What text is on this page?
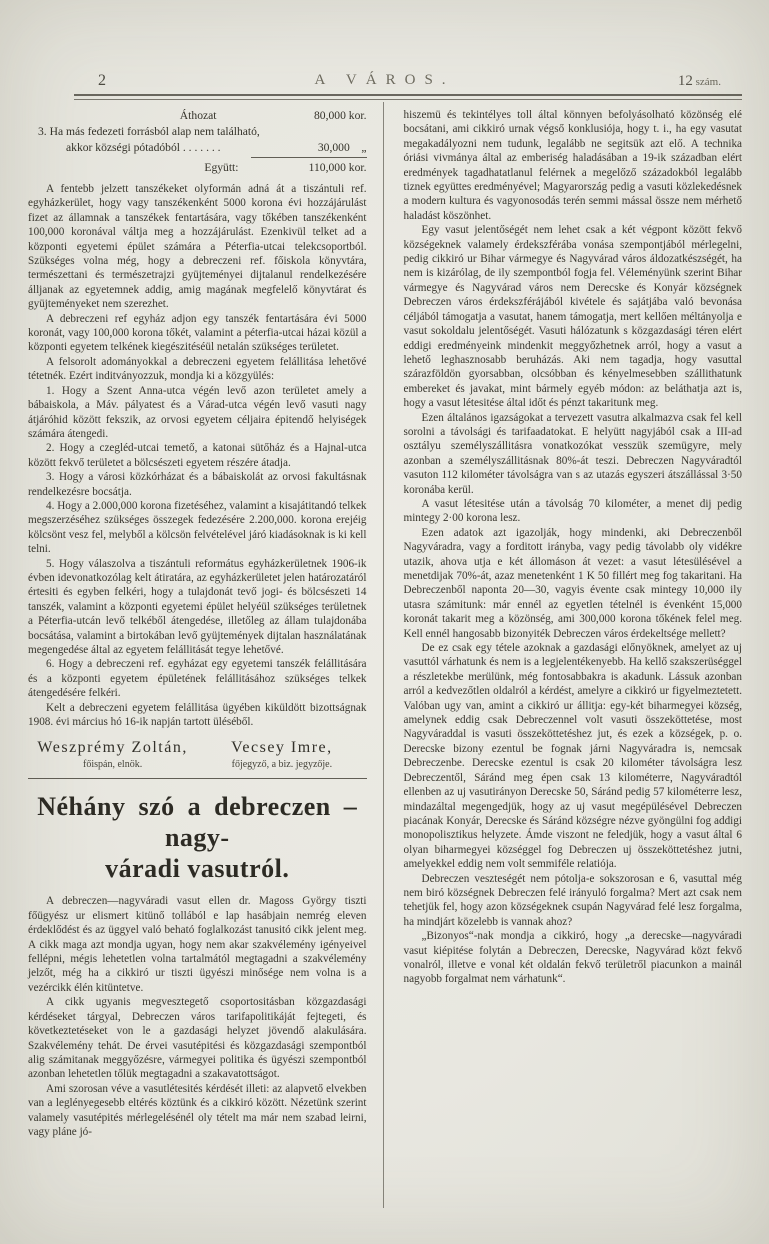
2	A VÁROS.	12 szám.
Áthozat	80,000 kor.
3. Ha más fedezeti forrásból alap nem található,
akkor községi pótadóból . . . . . . .	30,000    „
Együtt:	110,000 kor.

A fentebb jelzett tanszékeket olyformán adná át a tiszántuli ref. egyházkerület, hogy vagy tanszékenként 5000 korona évi hozzájárulást fizet az államnak a tanszékek fentartására, vagy tőkében tanszékenként 100,000 koronával váltja meg a hozzájárulást. Ezenkivül telket ad a központi egyetemi épület számára a Péterfia-utcai telekcsoportból. Szükséges volna még, hogy a debreczeni ref. főiskola könyvtára, természettani és természetrajzi gyüjteményei dijtalanul rendelkezésére álljanak az egyetemnek addig, amig magának megfelelő könyvtárat és gyüjteményeket nem szerezhet.

A debreczeni ref egyház adjon egy tanszék fentartására évi 5000 koronát, vagy 100,000 korona tőkét, valamint a péterfia-utcai házai közül a központi egyetem telkének kiegészitéséül netalán szükséges területet.

A felsorolt adományokkal a debreczeni egyetem felállitása lehetővé tétetnék. Ezért inditványozzuk, mondja ki a közgyülés:

1. Hogy a Szent Anna-utca végén levő azon területet amely a bábaiskola, a Máv. pályatest és a Várad-utca végén levő vasuti nagy átjáróhid között fekszik, az orvosi egyetem céljaira épitendő helyiségek számára átengedi.

2. Hogy a czegléd-utcai temető, a katonai sütőház és a Hajnal-utca között fekvő területet a bölcsészeti egyetem részére átadja.

3. Hogy a városi közkórházat és a bábaiskolát az orvosi fakultásnak rendelkezésre bocsátja.

4. Hogy a 2.000,000 korona fizetéséhez, valamint a kisajátitandó telkek megszerzéséhez szükséges összegek fedezésére 2.200,000. korona erejéig kölcsönt vesz fel, melyből a kölcsön felvételével járó kiadásoknak is ki kell telni.

5. Hogy válaszolva a tiszántuli református egyházkerületnek 1906-ik évben idevonatkozólag kelt átiratára, az egyházkerületet jelen határozatáról értesiti és egyben felkéri, hogy a tulajdonát tevő jogi- és bölcsészeti 14 tanszék, valamint a központi egyetemi épület helyéül szükséges területnek a Péterfia-utcán levő telkéből átengedése, illetőleg az állam tulajdonába bocsátása, valamint a birtokában levő gyüjtemények dijtalan használatának megengedése által az egyetem felállitását tegye lehetővé.

6. Hogy a debreczeni ref. egyházat egy egyetemi tanszék felállitására és a központi egyetem épületének felállitásához szükséges telkek átengedésére felkéri.

Kelt a debreczeni egyetem felállitása ügyében kiküldött bizottságnak 1908. évi március hó 16-ik napján tartott üléséből.

Weszprémy Zoltán,
főispán, elnök.
Vecsey Imre,
főjegyző, a biz. jegyzője.
Néhány szó a debreczen – nagy-
váradi vasutról.

A debreczen—nagyváradi vasut ellen dr. Magoss György tiszti főügyész ur elismert kitünő tollából e lap hasábjain nemrég eleven érdeklődést és az üggyel való beható foglalkozást tanusitó cikk jelent meg. A cikk maga azt mondja ugyan, hogy nem akar szakvélemény igényeivel fellépni, mégis lehetetlen volna tartalmától megtagadni a szakvélemény jelzőt, még ha a cikkiró ur tiszti ügyészi minősége nem volna is a vezércikk élén kitüntetve.

A cikk ugyanis megvesztegető csoportositásban közgazdasági kérdéseket tárgyal, Debreczen város tarifapolitikáját fejtegeti, és következtetéseket von le a gazdasági helyzet jövendő alakulására. Szakvélemény tehát. De érvei vasutépitési és közgazdasági szempontból alig számitanak meggyőzésre, vármegyei politika és ügyészi szempontból azonban lehetetlen tőlük megtagadni a szakavatottságot.

Ami szorosan véve a vasutlétesités kérdését illeti: az alapvető elvekben van a leglényegesebb eltérés köztünk és a cikkiró között. Nézetünk szerint valamely vasutépités mérlegelésénél oly tételt ma már nem szabad leirni, vagy pláne jó-

hiszemü és tekintélyes toll által könnyen befolyásolható közönség elé bocsátani, ami cikkiró urnak végső konklusiója, hogy t. i., ha egy vasutat megakadályozni nem tudunk, legalább ne segitsük azt elő. A technika óriási vivmánya által az emberiség haladásában a 19-ik században elért eredmények tagadhatatlanul felérnek a megelőző századokból legalább tiznek együttes eredményével; Magyarország pedig a vasuti közlekedésnek a modern kultura és vagyonosodás terén semmi mással össze nem mérhető haladást köszönhet.

Egy vasut jelentőségét nem lehet csak a két végpont között fekvő községeknek valamely érdekszférába vonása szempontjából mérlegelni, pedig cikkiró ur Bihar vármegye és Nagyvárad város áldozatkészségét, ha nem is kizárólag, de ily szempontból fogja fel. Véleményünk szerint Bihar vármegye és Nagyvárad város nem Derecske és Konyár községnek Debreczen város érdekszférájából kivétele és sajátjába való bevonása céljából támogatja a vasutat, hanem támogatja, mert kellően méltányolja e vasut sokoldalu jelentőségét. Vasuti hálózatunk s közgazdasági téren elért eddigi eredményeink mindenkit meggyőzhetnek arról, hogy a vasut a lehető leghasznosabb beruházás. Aki nem tagadja, hogy vasuttal szárazföldön gyorsabban, olcsóbban és kényelmesebben szállithatunk embereket és javakat, mint bármely egyéb módon: az beláthatja azt is, hogy a vasut létesitése által időt és pénzt takaritunk meg.

Ezen általános igazságokat a tervezett vasutra alkalmazva csak fel kell sorolni a távolsági és tarifaadatokat. E helyütt nagyjából csak a III-ad osztályu személyszállitásra vonatkozókat vesszük szemügyre, mely azonban a személyszállitásnak 80%-át teszi. Debreczen Nagyváradtól vasuton 112 kilométer távolságra van s az utazás egyszeri átszállással 3·50 koronába kerül.

A vasut létesitése után a távolság 70 kilométer, a menet dij pedig mintegy 2·00 korona lesz.

Ezen adatok azt igazolják, hogy mindenki, aki Debreczenből Nagyváradra, vagy a forditott irányba, vagy pedig távolabb oly vidékre utazik, ahova utja e két állomáson át vezet: a vasut létesülésével a menetdijak 70%-át, azaz menetenként 1 K 50 fillért meg fog takaritani. Ha Debreczenből naponta 20—30, vagyis évente csak mintegy 10,000 ily utasra számitunk: már ennél az egyetlen tételnél is évenként 15,000 koronát takarit meg a közönség, ami 300,000 korona tőkének felel meg. Kell ennél hangosabb bizonyiték Debreczen város érdekeltsége mellett?

De ez csak egy tétele azoknak a gazdasági előnyöknek, amelyet az uj vasuttól várhatunk és nem is a legjelentékenyebb. Ha kellő szakszerüséggel a részletekbe merülünk, még fontosabbakra is akadunk. Lássuk azonban arról a kedvezőtlen oldalról a kérdést, amelyre a cikkiró ur figyelmeztetett. Valóban ugy van, amint a cikkiró ur állitja: egy-két biharmegyei község, amelynek eddig csak Debreczennel volt vasuti összeköttetése, most Nagyváraddal is vasuti összeköttetéshez jut, és ezek a községek, p. o. Derecske bizony ezentul be fognak járni Nagyváradra is, nemcsak Debreczenbe. Derecske ezentul is csak 20 kilométer távolságra lesz Debreczentől, Sáránd meg épen csak 13 kilométerre, Nagyváradtól ellenben az uj vasutirányon Derecske 50, Sáránd pedig 57 kilométerre lesz, mindazáltal megengedjük, hogy az uj vasut megépülésével Debreczen piacának Konyár, Derecske és Sáránd községre nézve gyöngülni fog addigi monopolisztikus helyzete. Ámde viszont ne feledjük, hogy a vasut által 6 olyan biharmegyei községgel fog Debreczen uj összeköttetéshez jutni, amelyekkel eddig nem volt semmiféle relatiója.

Debreczen veszteségét nem pótolja-e sokszorosan e 6, vasuttal még nem biró községnek Debreczen felé irányuló forgalma? Mert azt csak nem tehetjük fel, hogy azon községeknek csupán Nagyvárad felé lesz forgalma, ha mindjárt közelebb is vannak ahoz?

„Bizonyos“-nak mondja a cikkiró, hogy „a derecske—nagyváradi vasut kiépitése folytán a Debreczen, Derecske, Nagyvárad közt fekvő vonalról, illetve e vonal két oldalán fekvő területről piacunkon a mainál nagyobb forgalmat nem várhatunk“.
